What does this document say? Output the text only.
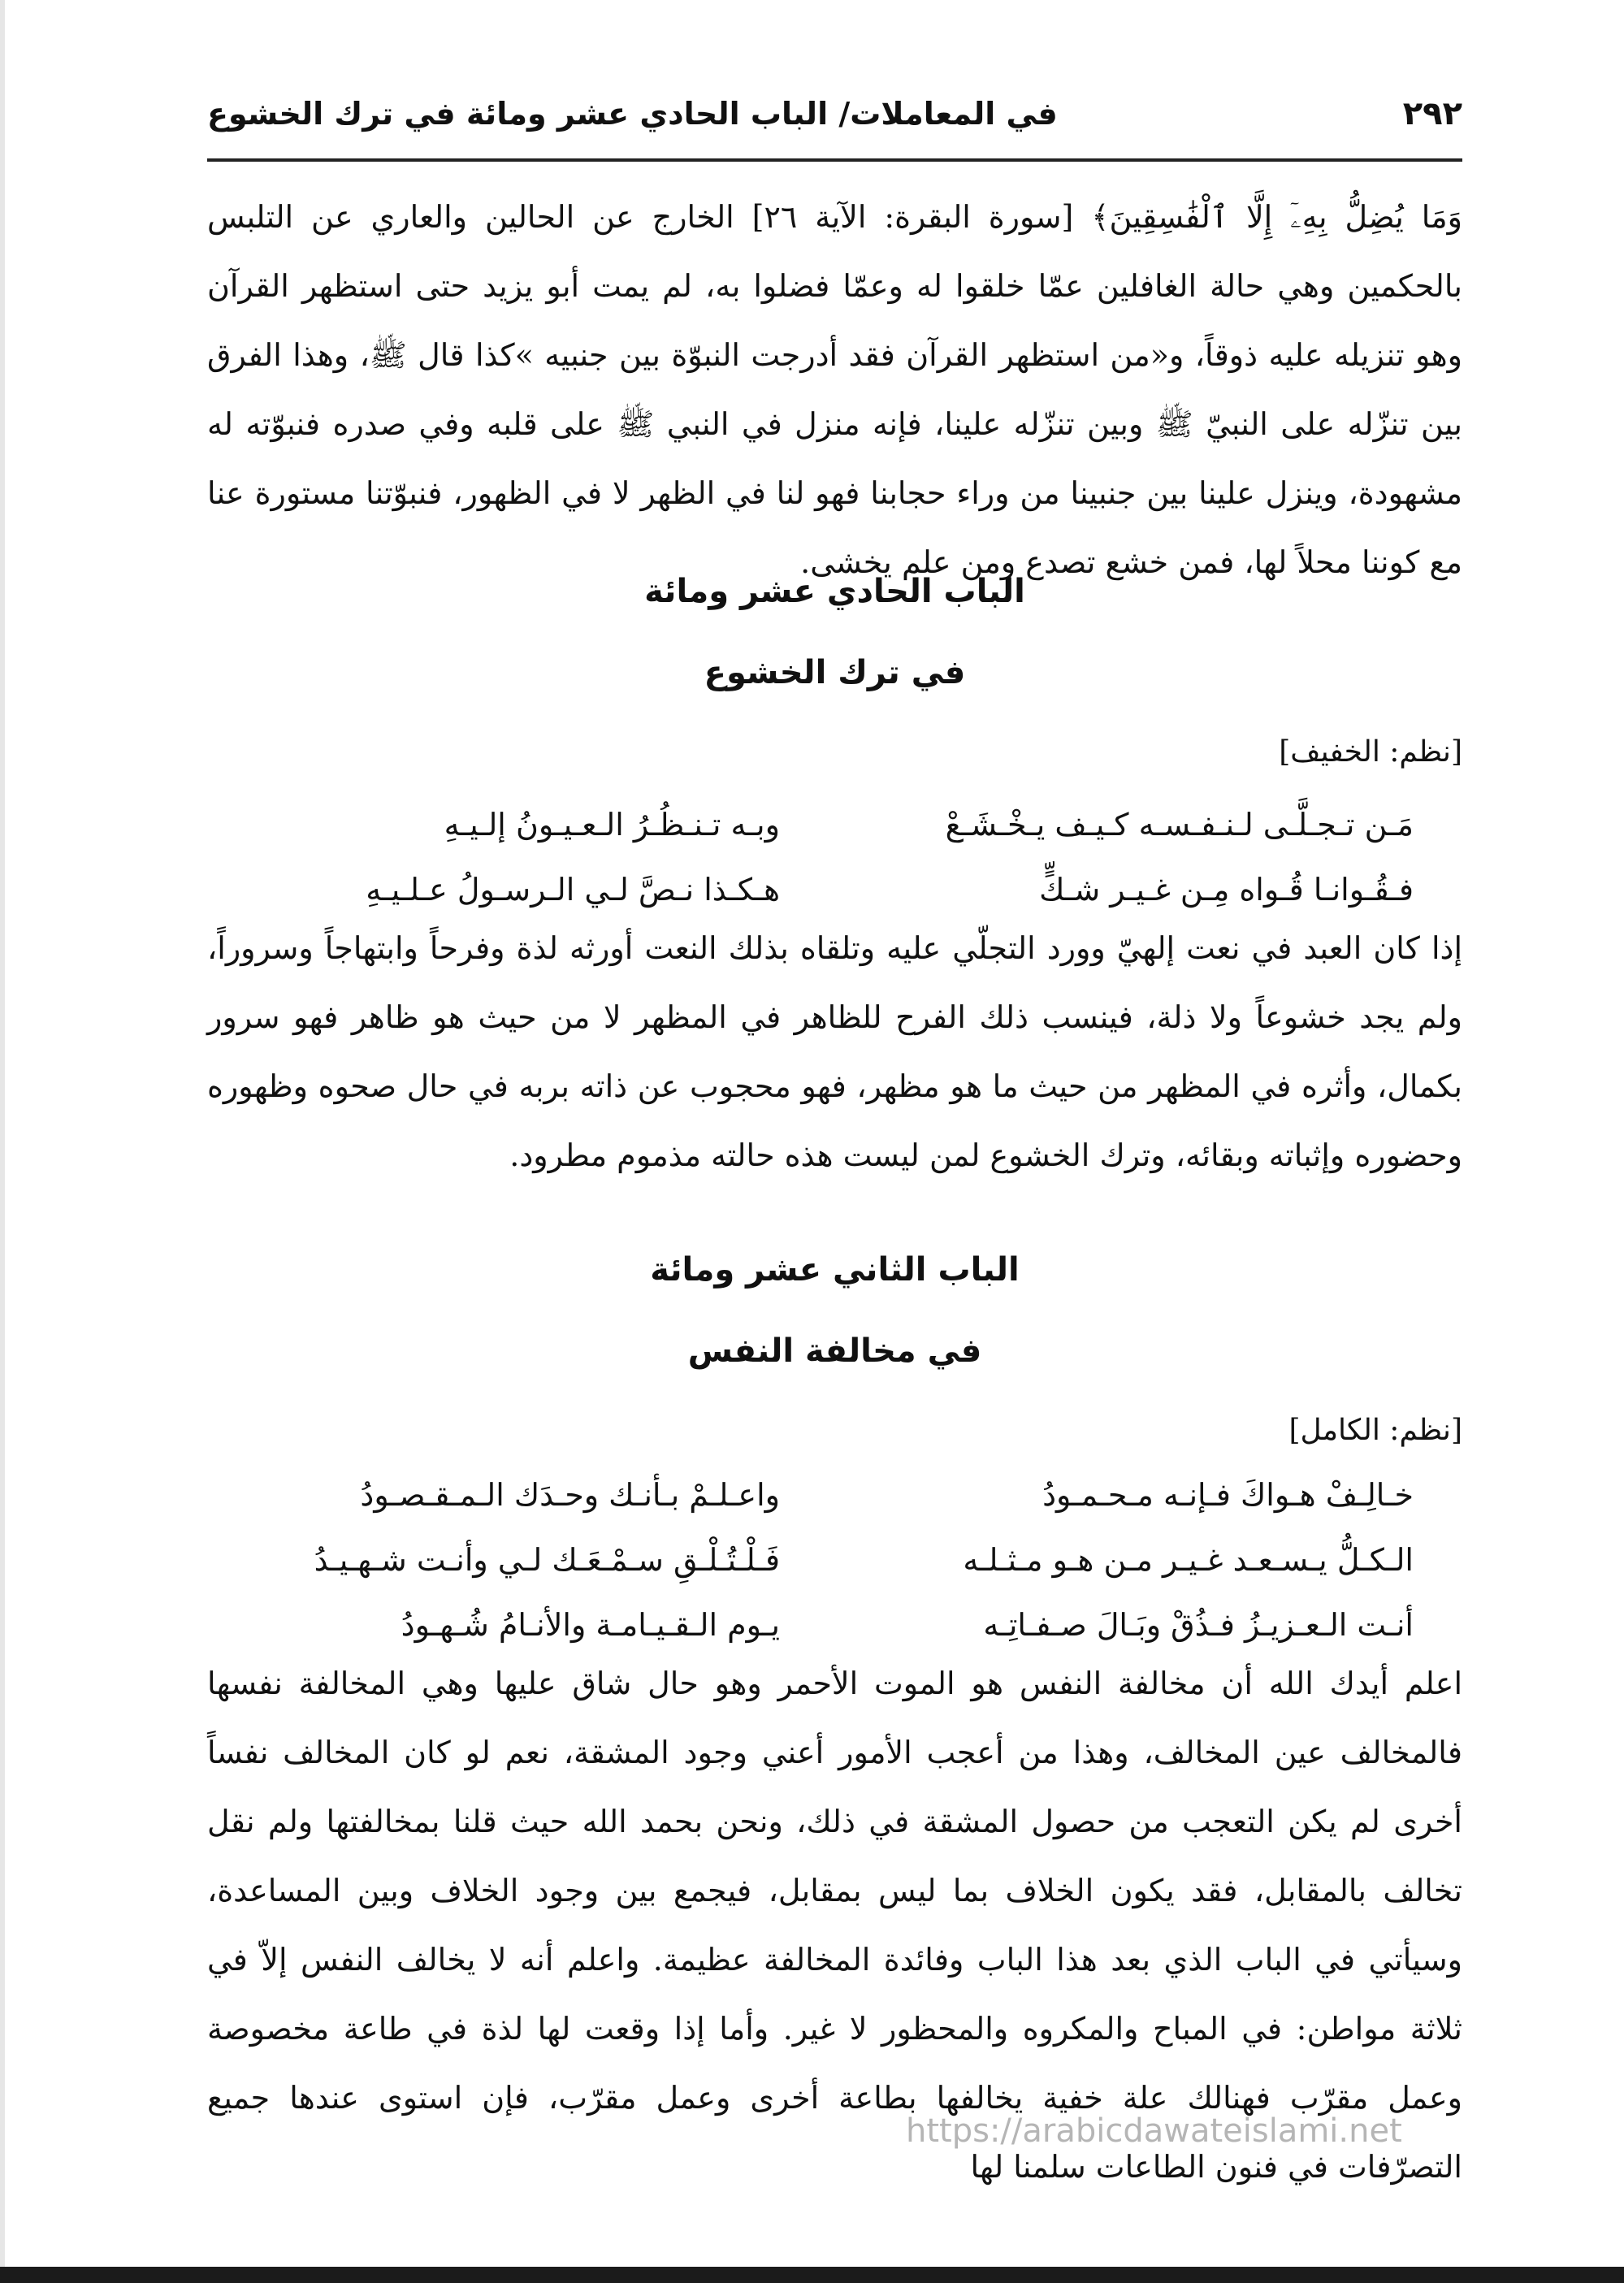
٢٩٢
في المعاملات/ الباب الحادي عشر ومائة في ترك الخشوع

وَمَا يُضِلُّ بِهِۦٓ إِلَّا ٱلْفَٰسِقِينَ﴾ [سورة البقرة: الآية ٢٦] الخارج عن الحالين والعاري عن التلبس بالحكمين وهي حالة الغافلين عمّا خلقوا له وعمّا فضلوا به، لم يمت أبو يزيد حتى استظهر القرآن وهو تنزيله عليه ذوقاً، و«من استظهر القرآن فقد أدرجت النبوّة بين جنبيه »كذا قال ﷺ، وهذا الفرق بين تنزّله على النبيّ ﷺ وبين تنزّله علينا، فإنه منزل في النبي ﷺ على قلبه وفي صدره فنبوّته له مشهودة، وينزل علينا بين جنبينا من وراء حجابنا فهو لنا في الظهر لا في الظهور، فنبوّتنا مستورة عنا مع كوننا محلاً لها، فمن خشع تصدع ومن علم يخشى.

الباب الحادي عشر ومائة
في ترك الخشوع
[نظم: الخفيف]
مَـن تـجـلَّـى لـنـفـسـه كـيـف يـخْـشَـعْ
وبـه تـنـظُـرُ الـعـيـونُ إلـيـهِ
فـقُـوانـا قُـواه مِـن غـيـر شـكٍّ
هـكـذا نـصَّ لـي الـرسـولُ عـلـيـهِ

إذا كان العبد في نعت إلهيّ وورد التجلّي عليه وتلقاه بذلك النعت أورثه لذة وفرحاً وابتهاجاً وسروراً، ولم يجد خشوعاً ولا ذلة، فينسب ذلك الفرح للظاهر في المظهر لا من حيث هو ظاهر فهو سرور بكمال، وأثره في المظهر من حيث ما هو مظهر، فهو محجوب عن ذاته بربه في حال صحوه وظهوره وحضوره وإثباته وبقائه، وترك الخشوع لمن ليست هذه حالته مذموم مطرود.

الباب الثاني عشر ومائة
في مخالفة النفس
[نظم: الكامل]
خـالِـفْ هـواكَ فـإنـه مـحـمـودُ
واعـلـمْ بـأنـك وحـدَك الـمـقـصـودُ
الـكـلُّ يـسـعـد غـيـر مـن هـو مـثـلـه
فَـلْـتُـلْـقِ سـمْـعَـك لـي وأنـت شـهـيـدُ
أنـت الـعـزيـزُ فـذُقْ وبَـالَ صـفـاتِـه
يـوم الـقـيـامـة والأنـامُ شُـهـودُ

اعلم أيدك الله أن مخالفة النفس هو الموت الأحمر وهو حال شاق عليها وهي المخالفة نفسها فالمخالف عين المخالف، وهذا من أعجب الأمور أعني وجود المشقة، نعم لو كان المخالف نفساً أخرى لم يكن التعجب من حصول المشقة في ذلك، ونحن بحمد الله حيث قلنا بمخالفتها ولم نقل تخالف بالمقابل، فقد يكون الخلاف بما ليس بمقابل، فيجمع بين وجود الخلاف وبين المساعدة، وسيأتي في الباب الذي بعد هذا الباب وفائدة المخالفة عظيمة. واعلم أنه لا يخالف النفس إلاّ في ثلاثة مواطن: في المباح والمكروه والمحظور لا غير. وأما إذا وقعت لها لذة في طاعة مخصوصة وعمل مقرّب فهنالك علة خفية يخالفها بطاعة أخرى وعمل مقرّب، فإن استوى عندها جميع التصرّفات في فنون الطاعات سلمنا لها

https://arabicdawateislami.net
